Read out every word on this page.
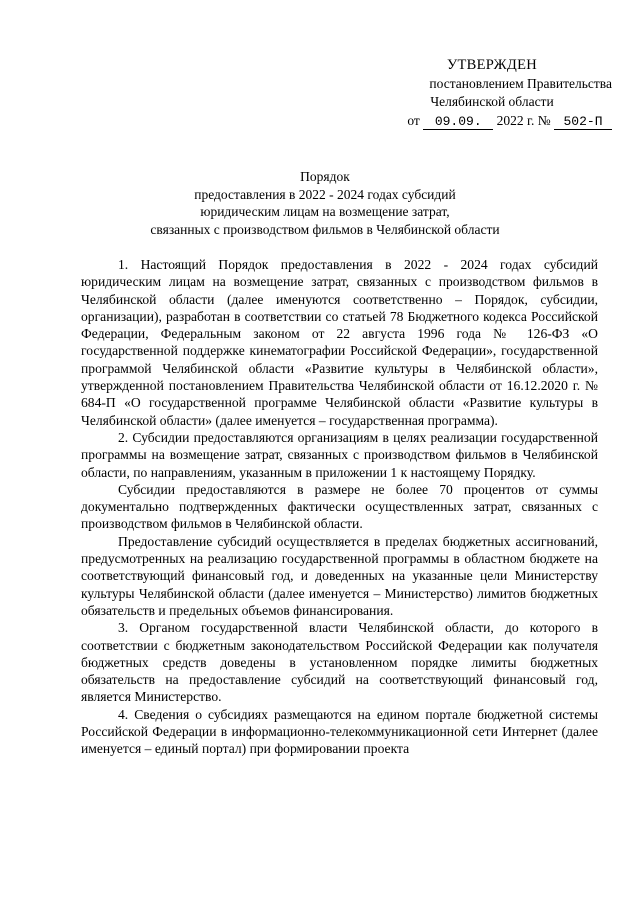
УТВЕРЖДЕН
постановлением Правительства
Челябинской области
от 09.09. 2022 г. № 502-П
Порядок
предоставления в 2022 - 2024 годах субсидий
юридическим лицам на возмещение затрат,
связанных с производством фильмов в Челябинской области

1. Настоящий Порядок предоставления в 2022 - 2024 годах субсидий юридическим лицам на возмещение затрат, связанных с производством фильмов в Челябинской области (далее именуются соответственно – Порядок, субсидии, организации), разработан в соответствии со статьей 78 Бюджетного кодекса Российской Федерации, Федеральным законом от 22 августа 1996 года № 126-ФЗ «О государственной поддержке кинематографии Российской Федерации», государственной программой Челябинской области «Развитие культуры в Челябинской области», утвержденной постановлением Правительства Челябинской области от 16.12.2020 г. № 684-П «О государственной программе Челябинской области «Развитие культуры в Челябинской области» (далее именуется – государственная программа).

2. Субсидии предоставляются организациям в целях реализации государственной программы на возмещение затрат, связанных с производством фильмов в Челябинской области, по направлениям, указанным в приложении 1 к настоящему Порядку.

Субсидии предоставляются в размере не более 70 процентов от суммы документально подтвержденных фактически осуществленных затрат, связанных с производством фильмов в Челябинской области.

Предоставление субсидий осуществляется в пределах бюджетных ассигнований, предусмотренных на реализацию государственной программы в областном бюджете на соответствующий финансовый год, и доведенных на указанные цели Министерству культуры Челябинской области (далее именуется – Министерство) лимитов бюджетных обязательств и предельных объемов финансирования.

3. Органом государственной власти Челябинской области, до которого в соответствии с бюджетным законодательством Российской Федерации как получателя бюджетных средств доведены в установленном порядке лимиты бюджетных обязательств на предоставление субсидий на соответствующий финансовый год, является Министерство.

4. Сведения о субсидиях размещаются на едином портале бюджетной системы Российской Федерации в информационно-телекоммуникационной сети Интернет (далее именуется – единый портал) при формировании проекта
